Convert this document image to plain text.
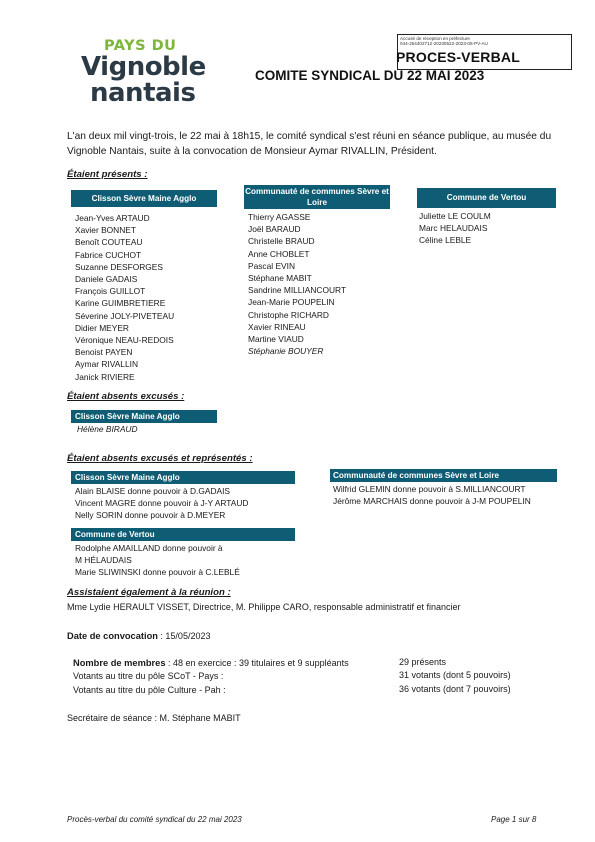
PAYS DU
Vignoble
nantais
Accusé de réception en préfecture
044-254402712-20230522-2023-05-PV-AU
PROCES-VERBAL
COMITE SYNDICAL DU 22 MAI 2023
L'an deux mil vingt-trois, le 22 mai à 18h15, le comité syndical s'est réuni en séance publique, au musée du Vignoble Nantais, suite à la convocation de Monsieur Aymar RIVALLIN, Président.
Étaient présents :
Clisson Sèvre Maine Agglo
Jean-Yves ARTAUD
Xavier BONNET
Benoît COUTEAU
Fabrice CUCHOT
Suzanne DESFORGES
Daniele GADAIS
François GUILLOT
Karine GUIMBRETIERE
Séverine JOLY-PIVETEAU
Didier MEYER
Véronique NEAU-REDOIS
Benoist PAYEN
Aymar RIVALLIN
Janick RIVIERE
Communauté de communes Sèvre et Loire
Thierry AGASSE
Joël BARAUD
Christelle BRAUD
Anne CHOBLET
Pascal EVIN
Stéphane MABIT
Sandrine MILLIANCOURT
Jean-Marie POUPELIN
Christophe RICHARD
Xavier RINEAU
Martine VIAUD
Stéphanie BOUYER
Commune de Vertou
Juliette LE COULM
Marc HELAUDAIS
Céline LEBLE
Étaient absents excusés :
Clisson Sèvre Maine Agglo
Hélène BIRAUD
Étaient absents excusés et représentés :
Clisson Sèvre Maine Agglo
Alain BLAISE donne pouvoir à D.GADAIS
Vincent MAGRE donne pouvoir à J-Y ARTAUD
Nelly SORIN donne pouvoir à D.MEYER
Commune de Vertou
Rodolphe AMAILLAND donne pouvoir à
M HÉLAUDAIS
Marie SLIWINSKI donne pouvoir à C.LEBLÉ
Communauté de communes Sèvre et Loire
Wilfrid GLEMIN donne pouvoir à S.MILLIANCOURT
Jérôme MARCHAIS donne pouvoir à J-M POUPELIN
Assistaient également à la réunion :
Mme Lydie HERAULT VISSET, Directrice, M. Philippe CARO, responsable administratif et financier
Date de convocation : 15/05/2023
Nombre de membres : 48 en exercice : 39 titulaires et 9 suppléants	29 présents
Votants au titre du pôle SCoT - Pays :	31 votants (dont 5 pouvoirs)
Votants au titre du pôle Culture - Pah :	36 votants (dont 7 pouvoirs)
Secrétaire de séance : M. Stéphane MABIT
Procès-verbal du comité syndical du 22 mai 2023	Page 1 sur 8
